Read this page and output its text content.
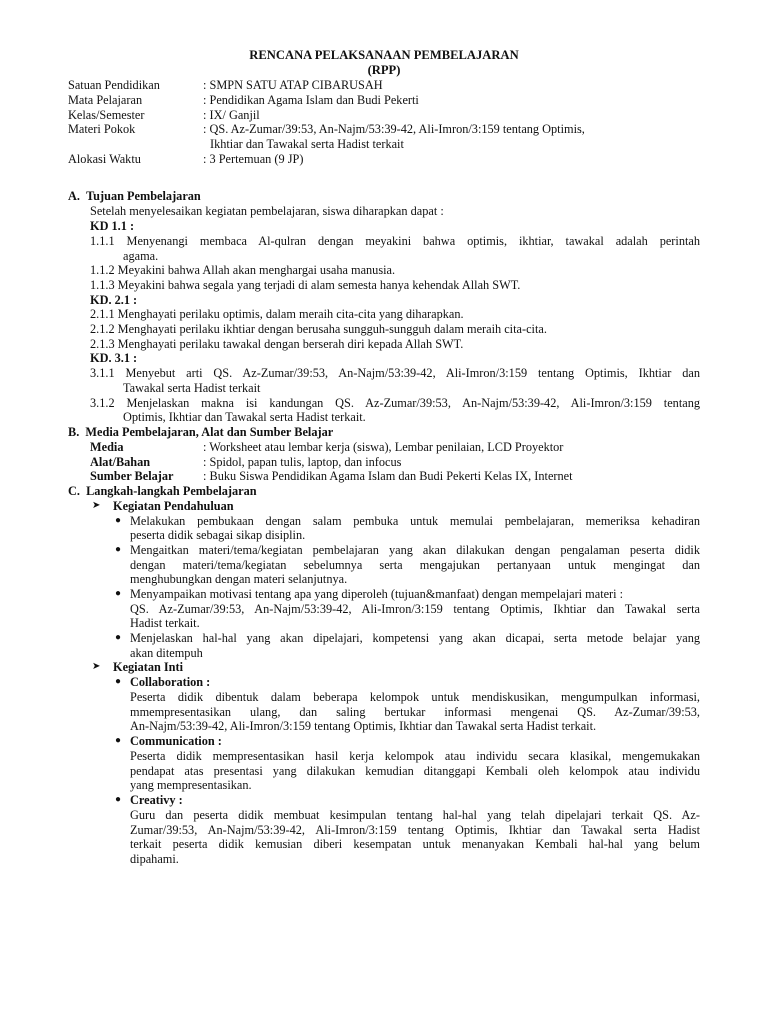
RENCANA PELAKSANAAN PEMBELAJARAN
(RPP)
Satuan Pendidikan	: SMPN SATU ATAP CIBARUSAH
Mata Pelajaran	: Pendidikan Agama Islam dan Budi Pekerti
Kelas/Semester	: IX/ Ganjil
Materi Pokok	: QS. Az-Zumar/39:53, An-Najm/53:39-42, Ali-Imron/3:159 tentang Optimis,
Ikhtiar dan Tawakal serta Hadist terkait
Alokasi Waktu	: 3 Pertemuan (9 JP)
A.  Tujuan Pembelajaran
Setelah menyelesaikan kegiatan pembelajaran, siswa diharapkan dapat :
KD 1.1 :
1.1.1 Menyenangi membaca Al-qulran dengan meyakini bahwa optimis, ikhtiar, tawakal adalah perintah
agama.
1.1.2 Meyakini bahwa Allah akan menghargai usaha manusia.
1.1.3 Meyakini bahwa segala yang terjadi di alam semesta hanya kehendak Allah SWT.
KD. 2.1 :
2.1.1 Menghayati perilaku optimis, dalam meraih cita-cita yang diharapkan.
2.1.2 Menghayati perilaku ikhtiar dengan berusaha sungguh-sungguh dalam meraih cita-cita.
2.1.3 Menghayati perilaku tawakal dengan berserah diri kepada Allah SWT.
KD. 3.1 :
3.1.1 Menyebut arti QS. Az-Zumar/39:53, An-Najm/53:39-42, Ali-Imron/3:159 tentang Optimis, Ikhtiar dan
Tawakal serta Hadist terkait
3.1.2 Menjelaskan makna isi kandungan QS. Az-Zumar/39:53, An-Najm/53:39-42, Ali-Imron/3:159 tentang
Optimis, Ikhtiar dan Tawakal serta Hadist terkait.
B.  Media Pembelajaran, Alat dan Sumber Belajar
Media	: Worksheet atau lembar kerja (siswa), Lembar penilaian, LCD Proyektor
Alat/Bahan	: Spidol, papan tulis, laptop, dan infocus
Sumber Belajar : Buku Siswa Pendidikan Agama Islam dan Budi Pekerti Kelas IX, Internet
C.  Langkah-langkah Pembelajaran
➤ Kegiatan Pendahuluan
● Melakukan pembukaan dengan salam pembuka untuk memulai pembelajaran, memeriksa kehadiran
peserta didik sebagai sikap disiplin.
● Mengaitkan materi/tema/kegiatan pembelajaran yang akan dilakukan dengan pengalaman peserta didik
dengan materi/tema/kegiatan sebelumnya serta mengajukan pertanyaan untuk mengingat dan
menghubungkan dengan materi selanjutnya.
● Menyampaikan motivasi tentang apa yang diperoleh (tujuan&manfaat) dengan mempelajari materi :
QS. Az-Zumar/39:53, An-Najm/53:39-42, Ali-Imron/3:159 tentang Optimis, Ikhtiar dan Tawakal serta
Hadist terkait.
● Menjelaskan hal-hal yang akan dipelajari, kompetensi yang akan dicapai, serta metode belajar yang
akan ditempuh
➤ Kegiatan Inti
● Collaboration :
Peserta didik dibentuk dalam beberapa kelompok untuk mendiskusikan, mengumpulkan informasi,
mmempresentasikan ulang, dan saling bertukar informasi mengenai QS. Az-Zumar/39:53,
An-Najm/53:39-42, Ali-Imron/3:159 tentang Optimis, Ikhtiar dan Tawakal serta Hadist terkait.
● Communication :
Peserta didik mempresentasikan hasil kerja kelompok atau individu secara klasikal, mengemukakan
pendapat atas presentasi yang dilakukan kemudian ditanggapi Kembali oleh kelompok atau individu
yang mempresentasikan.
● Creativy :
Guru dan peserta didik membuat kesimpulan tentang hal-hal yang telah dipelajari terkait QS. Az-
Zumar/39:53, An-Najm/53:39-42, Ali-Imron/3:159 tentang Optimis, Ikhtiar dan Tawakal serta Hadist
terkait peserta didik kemusian diberi kesempatan untuk menanyakan Kembali hal-hal yang belum
dipahami.
